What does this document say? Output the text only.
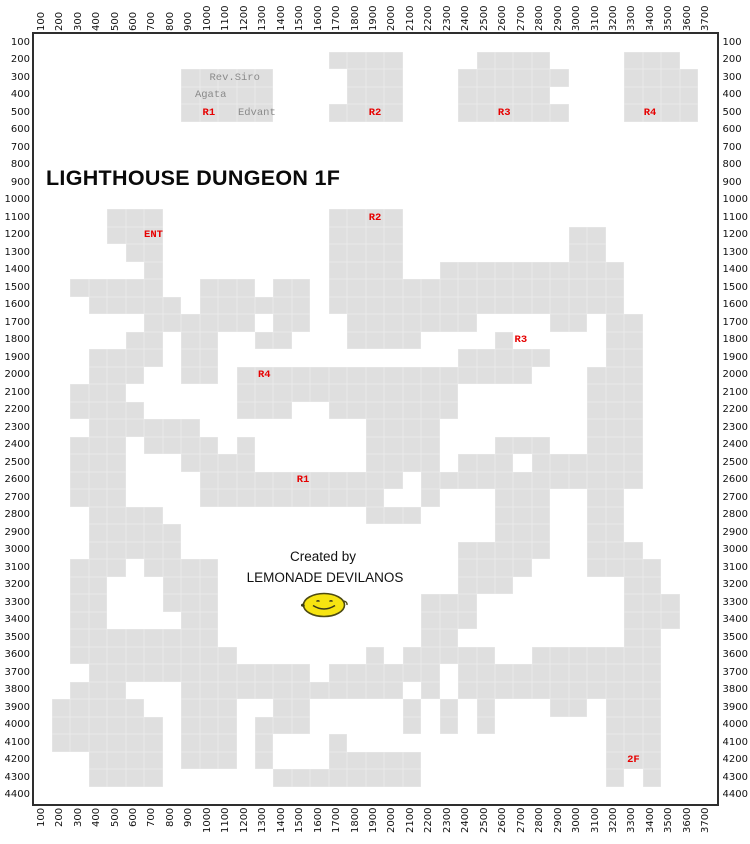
LIGHTHOUSE DUNGEON 1F
Created by
LEMONADE DEVILANOS
100
100
200
200
300
300
400
400
500
500
600
600
700
700
800
800
900
900
1000
1000
1100
1100
1200
1200
1300
1300
1400
1400
1500
1500
1600
1600
1700
1700
1800
1800
1900
1900
2000
2000
2100
2100
2200
2200
2300
2300
2400
2400
2500
2500
2600
2600
2700
2700
2800
2800
2900
2900
3000
3000
3100
3100
3200
3200
3300
3300
3400
3400
3500
3500
3600
3600
3700
3700
100	100
200	200
300	300
400	400
500	500
600	600
700	700
800	800
900	900
1000	1000
1100	1100
1200	1200
1300	1300
1400	1400
1500	1500
1600	1600
1700	1700
1800	1800
1900	1900
2000	2000
2100	2100
2200	2200
2300	2300
2400	2400
2500	2500
2600	2600
2700	2700
2800	2800
2900	2900
3000	3000
3100	3100
3200	3200
3300	3300
3400	3400
3500	3500
3600	3600
3700	3700
3800	3800
3900	3900
4000	4000
4100	4100
4200	4200
4300	4300
4400	4400
Rev.Siro
Agata
R1 Edvant	R2	R3	R4
R2
ENT
R3
R4
R1
2F
